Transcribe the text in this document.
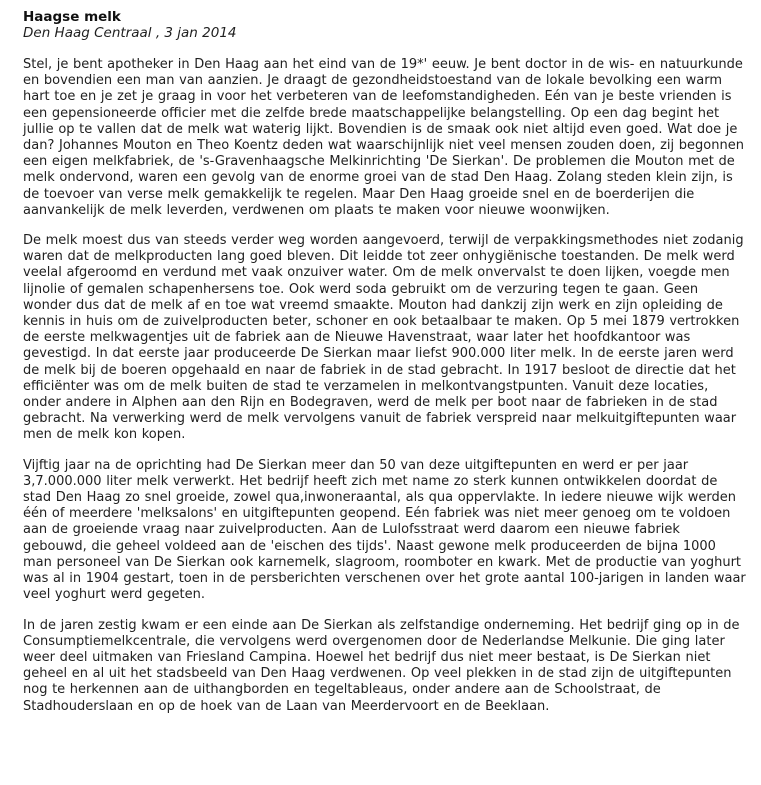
Haagse melk

Den Haag Centraal , 3 jan 2014

Stel, je bent apotheker in Den Haag aan het eind van de 19*' eeuw. Je bent doctor in de wis- en natuurkunde en bovendien een man van aanzien. Je draagt de gezondheidstoestand van de lokale bevolking een warm hart toe en je zet je graag in voor het verbeteren van de leefomstandigheden. Eén van je beste vrienden is een gepensioneerde officier met die zelfde brede maatschappelijke belangstelling. Op een dag begint het jullie op te vallen dat de melk wat waterig lijkt. Bovendien is de smaak ook niet altijd even goed. Wat doe je dan? Johannes Mouton en Theo Koentz deden wat waarschijnlijk niet veel mensen zouden doen, zij begonnen een eigen melkfabriek, de 's-Gravenhaagsche Melkinrichting 'De Sierkan'. De problemen die Mouton met de melk ondervond, waren een gevolg van de enorme groei van de stad Den Haag. Zolang steden klein zijn, is de toevoer van verse melk gemakkelijk te regelen. Maar Den Haag groeide snel en de boerderijen die aanvankelijk de melk leverden, verdwenen om plaats te maken voor nieuwe woonwijken.

De melk moest dus van steeds verder weg worden aangevoerd, terwijl de verpakkingsmethodes niet zodanig waren dat de melkproducten lang goed bleven. Dit leidde tot zeer onhygiënische toestanden. De melk werd veelal afgeroomd en verdund met vaak onzuiver water. Om de melk onvervalst te doen lijken, voegde men lijnolie of gemalen schapenhersens toe. Ook werd soda gebruikt om de verzuring tegen te gaan. Geen wonder dus dat de melk af en toe wat vreemd smaakte. Mouton had dankzij zijn werk en zijn opleiding de kennis in huis om de zuivelproducten beter, schoner en ook betaalbaar te maken. Op 5 mei 1879 vertrokken de eerste melkwagentjes uit de fabriek aan de Nieuwe Havenstraat, waar later het hoofdkantoor was gevestigd. In dat eerste jaar produceerde De Sierkan maar liefst 900.000 liter melk. In de eerste jaren werd de melk bij de boeren opgehaald en naar de fabriek in de stad gebracht. In 1917 besloot de directie dat het efficiënter was om de melk buiten de stad te verzamelen in melkontvangstpunten. Vanuit deze locaties, onder andere in Alphen aan den Rijn en Bodegraven, werd de melk per boot naar de fabrieken in de stad gebracht. Na verwerking werd de melk vervolgens vanuit de fabriek verspreid naar melkuitgiftepunten waar men de melk kon kopen.

Vijftig jaar na de oprichting had De Sierkan meer dan 50 van deze uitgiftepunten en werd er per jaar 3,7.000.000 liter melk verwerkt. Het bedrijf heeft zich met name zo sterk kunnen ontwikkelen doordat de stad Den Haag zo snel groeide, zowel qua,inwoneraantal, als qua oppervlakte. In iedere nieuwe wijk werden één of meerdere 'melksalons' en uitgiftepunten geopend. Eén fabriek was niet meer genoeg om te voldoen aan de groeiende vraag naar zuivelproducten. Aan de Lulofsstraat werd daarom een nieuwe fabriek gebouwd, die geheel voldeed aan de 'eischen des tijds'. Naast gewone melk produceerden de bijna 1000 man personeel van De Sierkan ook karnemelk, slagroom, roomboter en kwark. Met de productie van yoghurt was al in 1904 gestart, toen in de persberichten verschenen over het grote aantal 100-jarigen in landen waar veel yoghurt werd gegeten.

In de jaren zestig kwam er een einde aan De Sierkan als zelfstandige onderneming. Het bedrijf ging op in de Consumptiemelkcentrale, die vervolgens werd overgenomen door de Nederlandse Melkunie. Die ging later weer deel uitmaken van Friesland Campina. Hoewel het bedrijf dus niet meer bestaat, is De Sierkan niet geheel en al uit het stadsbeeld van Den Haag verdwenen. Op veel plekken in de stad zijn de uitgiftepunten nog te herkennen aan de uithangborden en tegeltableaus, onder andere aan de Schoolstraat, de Stadhouderslaan en op de hoek van de Laan van Meerdervoort en de Beeklaan.
